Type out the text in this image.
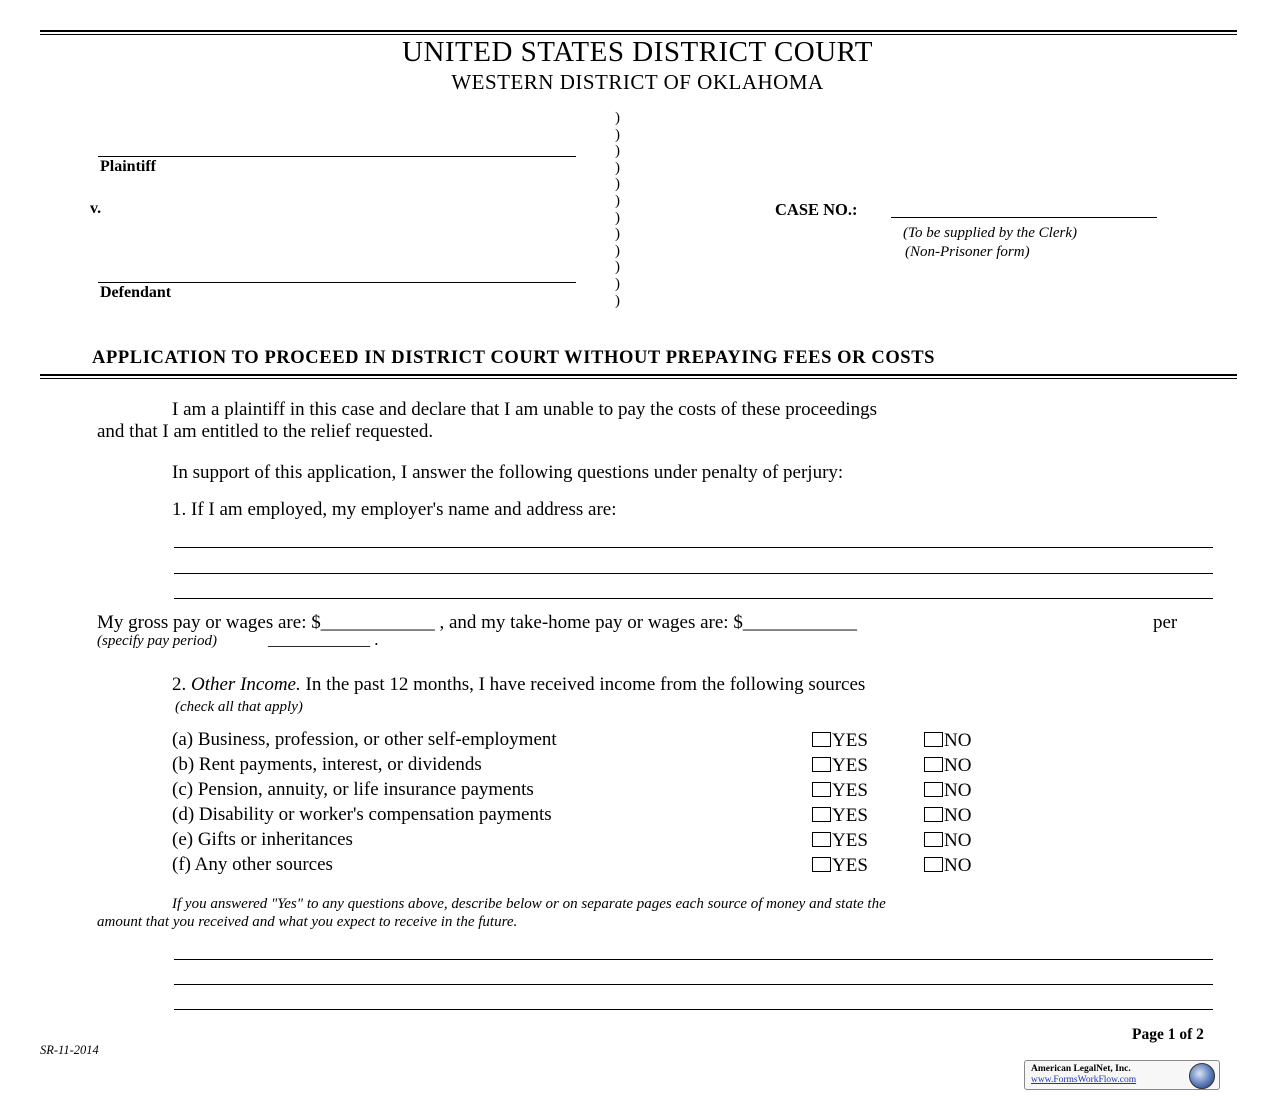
UNITED STATES DISTRICT COURT
WESTERN DISTRICT OF OKLAHOMA
Plaintiff
v.
Defendant
)
)
)
)
)
)
)
)
)
)
)
)
CASE NO.:
(To be supplied by the Clerk)
(Non-Prisoner form)
APPLICATION TO PROCEED IN DISTRICT COURT WITHOUT PREPAYING FEES OR COSTS
I am a plaintiff in this case and declare that I am unable to pay the costs of these proceedings
and that I am entitled to the relief requested.
In support of this application, I answer the following questions under penalty of perjury:
1. If I am employed, my employer's name and address are:
My gross pay or wages are: $____________ , and my take-home pay or wages are: $____________	per
(specify pay period)	____________ .
2. Other Income. In the past 12 months, I have received income from the following sources
(check all that apply)
(a) Business, profession, or other self-employment	YES	NO
(b) Rent payments, interest, or dividends	YES	NO
(c) Pension, annuity, or life insurance payments	YES	NO
(d) Disability or worker's compensation payments	YES	NO
(e) Gifts or inheritances	YES	NO
(f) Any other sources	YES	NO
If you answered "Yes" to any questions above, describe below or on separate pages each source of money and state the
amount that you received and what you expect to receive in the future.
Page 1 of 2
SR-11-2014
American LegalNet, Inc.
www.FormsWorkFlow.com
